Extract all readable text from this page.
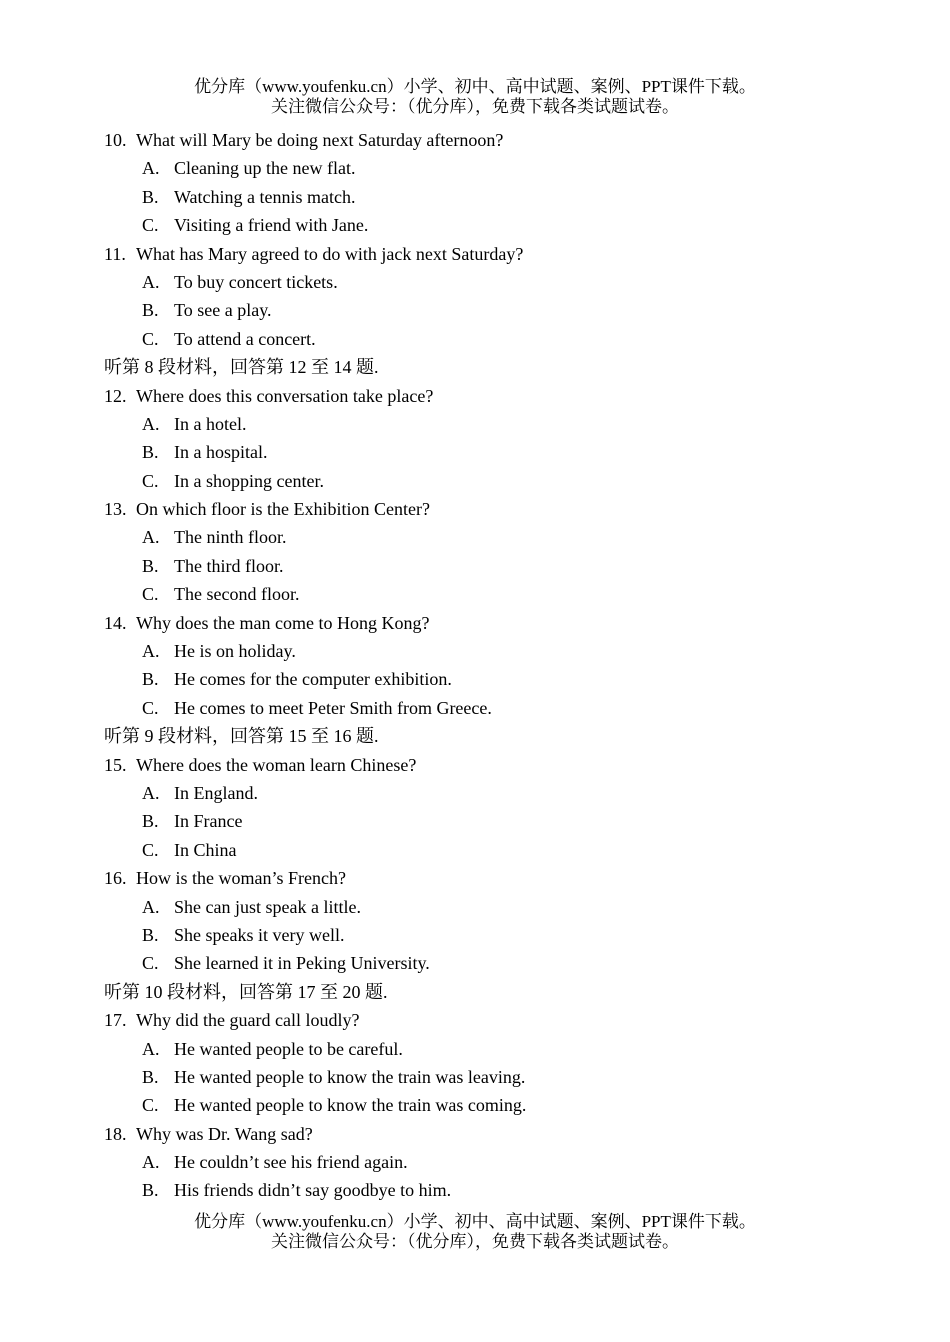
优分库（www.youfenku.cn）小学、初中、高中试题、案例、PPT课件下载。
关注微信公众号：（优分库），免费下载各类试题试卷。
10. What will Mary be doing next Saturday afternoon?
A. Cleaning up the new flat.
B. Watching a tennis match.
C. Visiting a friend with Jane.
11. What has Mary agreed to do with jack next Saturday?
A. To buy concert tickets.
B. To see a play.
C. To attend a concert.
听第 8 段材料，回答第 12 至 14 题.
12. Where does this conversation take place?
A. In a hotel.
B. In a hospital.
C. In a shopping center.
13. On which floor is the Exhibition Center?
A. The ninth floor.
B. The third floor.
C. The second floor.
14. Why does the man come to Hong Kong?
A. He is on holiday.
B. He comes for the computer exhibition.
C. He comes to meet Peter Smith from Greece.
听第 9 段材料，回答第 15 至 16 题.
15. Where does the woman learn Chinese?
A. In England.
B. In France
C. In China
16. How is the woman’s French?
A. She can just speak a little.
B. She speaks it very well.
C. She learned it in Peking University.
听第 10 段材料，回答第 17 至 20 题.
17. Why did the guard call loudly?
A. He wanted people to be careful.
B. He wanted people to know the train was leaving.
C. He wanted people to know the train was coming.
18. Why was Dr. Wang sad?
A. He couldn’t see his friend again.
B. His friends didn’t say goodbye to him.
优分库（www.youfenku.cn）小学、初中、高中试题、案例、PPT课件下载。
关注微信公众号：（优分库），免费下载各类试题试卷。
